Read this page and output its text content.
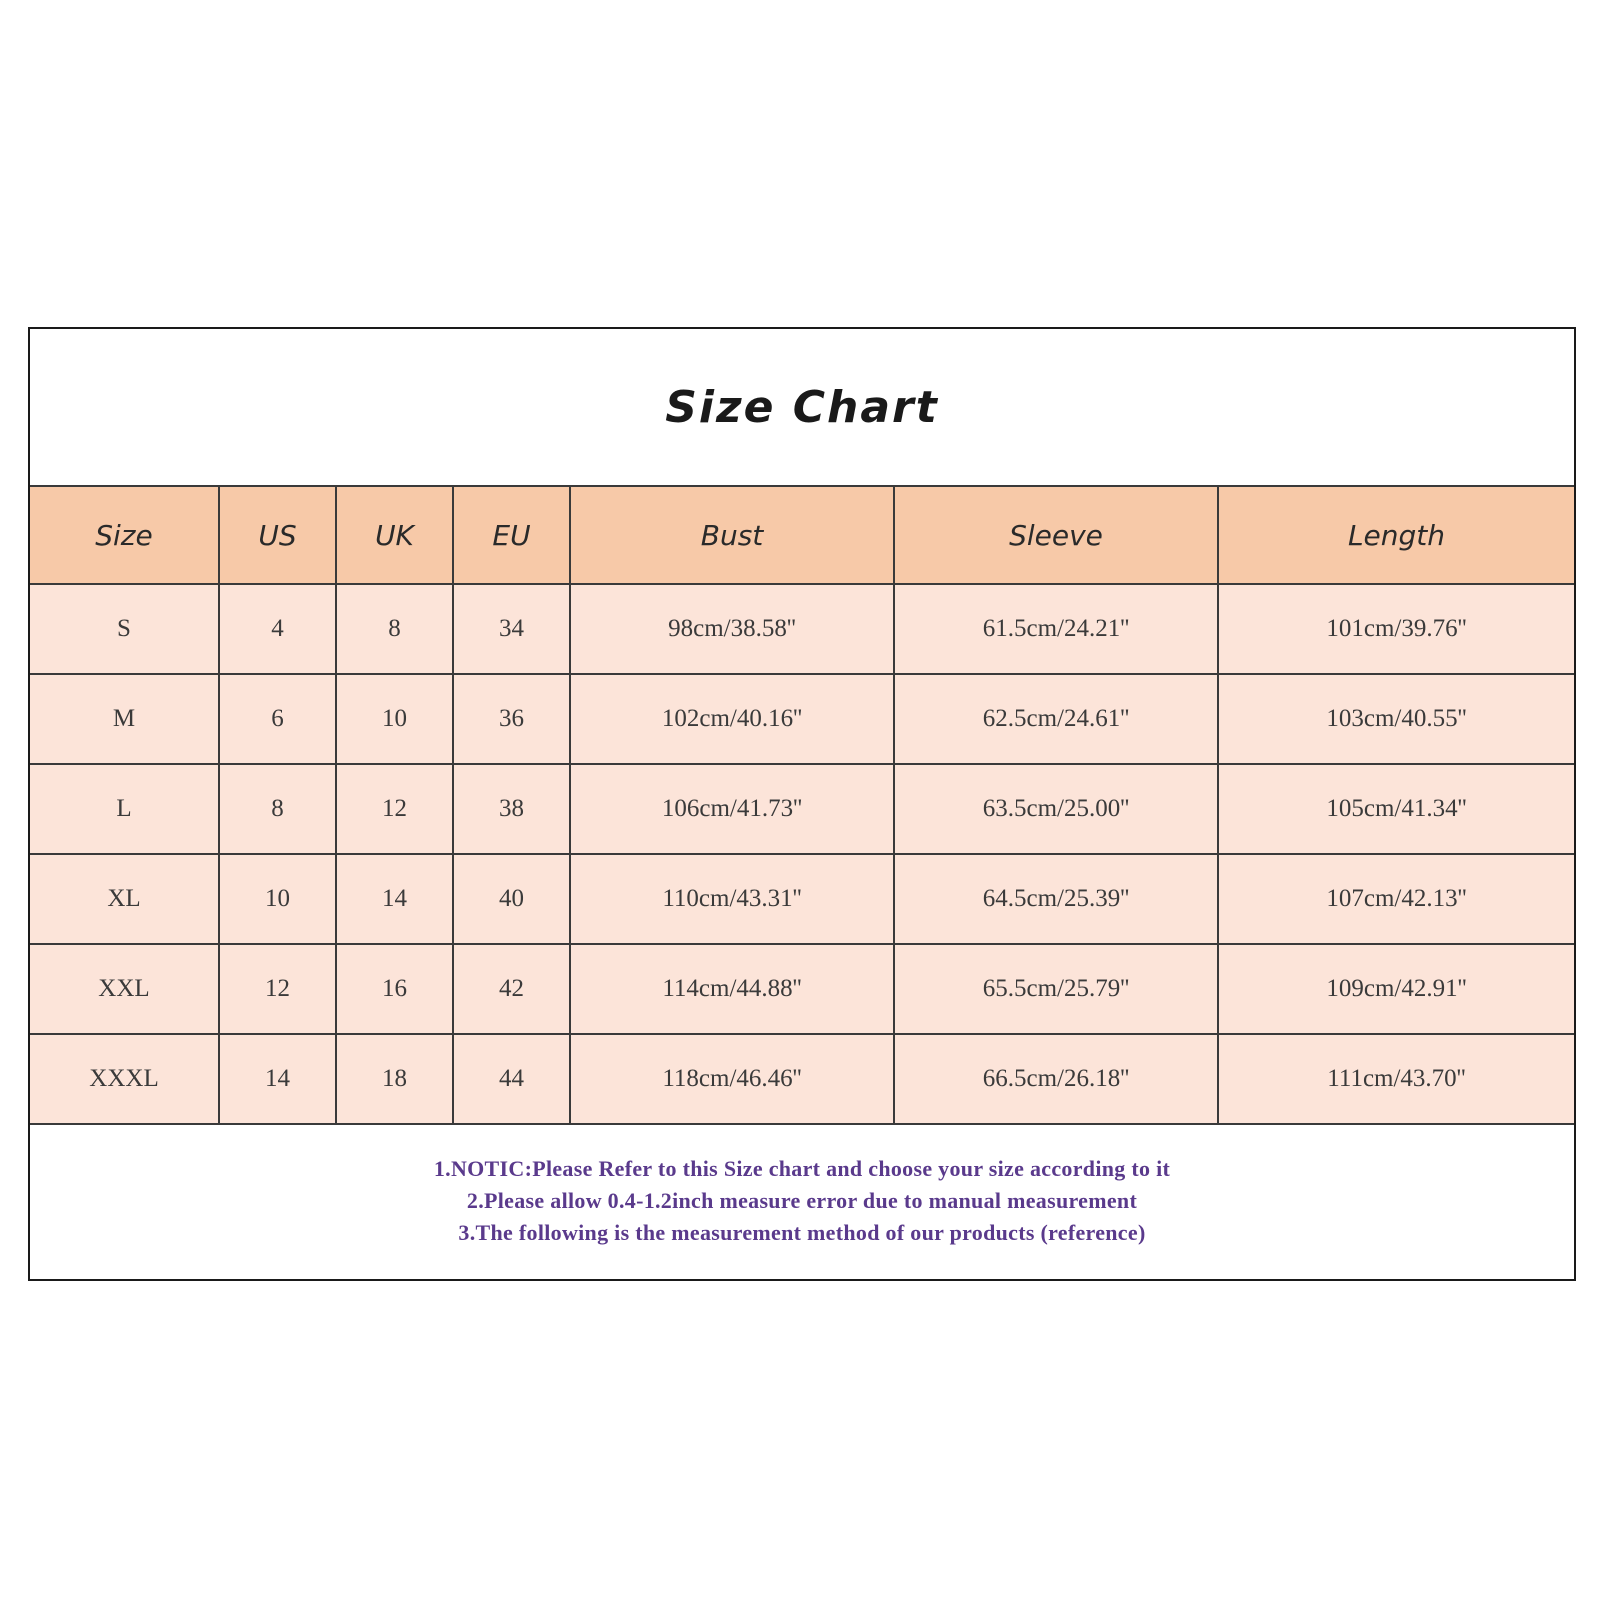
Size Chart
Size	US	UK	EU	Bust	Sleeve	Length
S	4	8	34	98cm/38.58''	61.5cm/24.21''	101cm/39.76''
M	6	10	36	102cm/40.16''	62.5cm/24.61''	103cm/40.55''
L	8	12	38	106cm/41.73''	63.5cm/25.00''	105cm/41.34''
XL	10	14	40	110cm/43.31''	64.5cm/25.39''	107cm/42.13''
XXL	12	16	42	114cm/44.88''	65.5cm/25.79''	109cm/42.91''
XXXL	14	18	44	118cm/46.46''	66.5cm/26.18''	111cm/43.70''
1.NOTIC:Please Refer to this Size chart and choose your size according to it
2.Please allow 0.4-1.2inch measure error due to manual measurement
3.The following is the measurement method of our products (reference)
